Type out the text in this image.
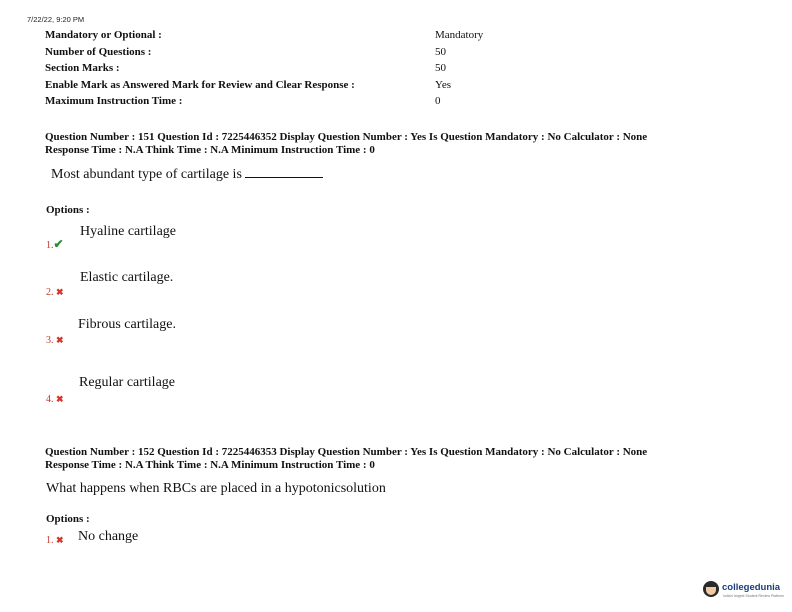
7/22/22, 9:20 PM
Mandatory or Optional :	Mandatory
Number of Questions :	50
Section Marks :	50
Enable Mark as Answered Mark for Review and Clear Response :	Yes
Maximum Instruction Time :	0
Question Number : 151 Question Id : 7225446352 Display Question Number : Yes Is Question Mandatory : No Calculator : None
Response Time : N.A Think Time : N.A Minimum Instruction Time : 0
Most abundant type of cartilage is
Options :
Hyaline cartilage
1.✔
Elastic cartilage.
2. ✖
Fibrous cartilage.
3. ✖
Regular cartilage
4. ✖
Question Number : 152 Question Id : 7225446353 Display Question Number : Yes Is Question Mandatory : No Calculator : None
Response Time : N.A Think Time : N.A Minimum Instruction Time : 0
What happens when RBCs are placed in a hypotonicsolution
Options :
1. ✖ No change
collegedunia
India's largest Student Review Platform
